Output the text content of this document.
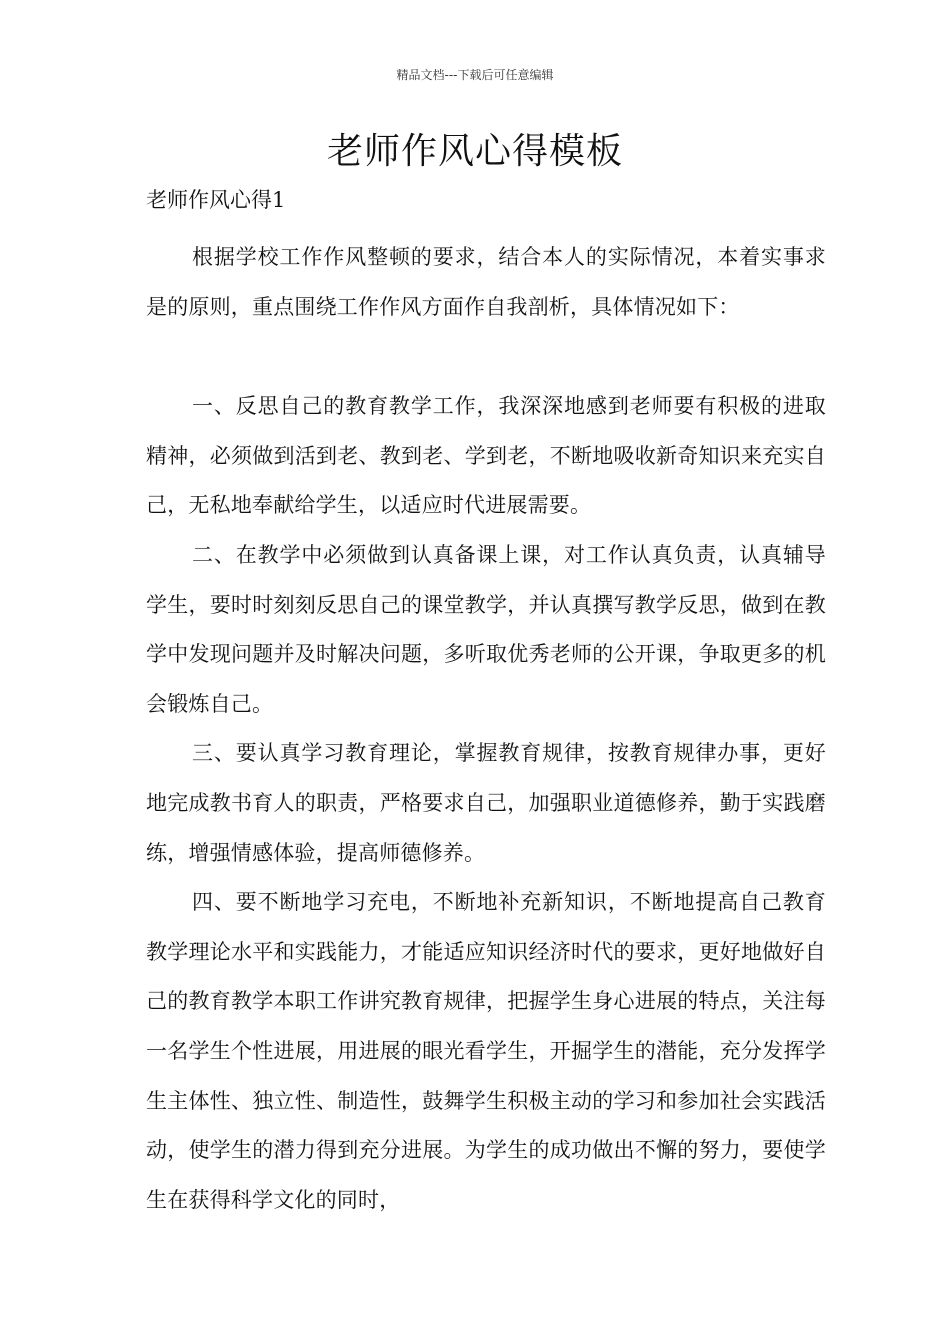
精品文档---下载后可任意编辑
老师作风心得模板
老师作风心得1

根据学校工作作风整顿的要求，结合本人的实际情况，本着实事求是的原则，重点围绕工作作风方面作自我剖析，具体情况如下：

一、反思自己的教育教学工作，我深深地感到老师要有积极的进取精神，必须做到活到老、教到老、学到老，不断地吸收新奇知识来充实自己，无私地奉献给学生，以适应时代进展需要。

二、在教学中必须做到认真备课上课，对工作认真负责，认真辅导学生，要时时刻刻反思自己的课堂教学，并认真撰写教学反思，做到在教学中发现问题并及时解决问题，多听取优秀老师的公开课，争取更多的机会锻炼自己。

三、要认真学习教育理论，掌握教育规律，按教育规律办事，更好地完成教书育人的职责，严格要求自己，加强职业道德修养，勤于实践磨练，增强情感体验，提高师德修养。

四、要不断地学习充电，不断地补充新知识，不断地提高自己教育教学理论水平和实践能力，才能适应知识经济时代的要求，更好地做好自己的教育教学本职工作讲究教育规律，把握学生身心进展的特点，关注每一名学生个性进展，用进展的眼光看学生，开掘学生的潜能，充分发挥学生主体性、独立性、制造性，鼓舞学生积极主动的学习和参加社会实践活动，使学生的潜力得到充分进展。为学生的成功做出不懈的努力，要使学生在获得科学文化的同时，
